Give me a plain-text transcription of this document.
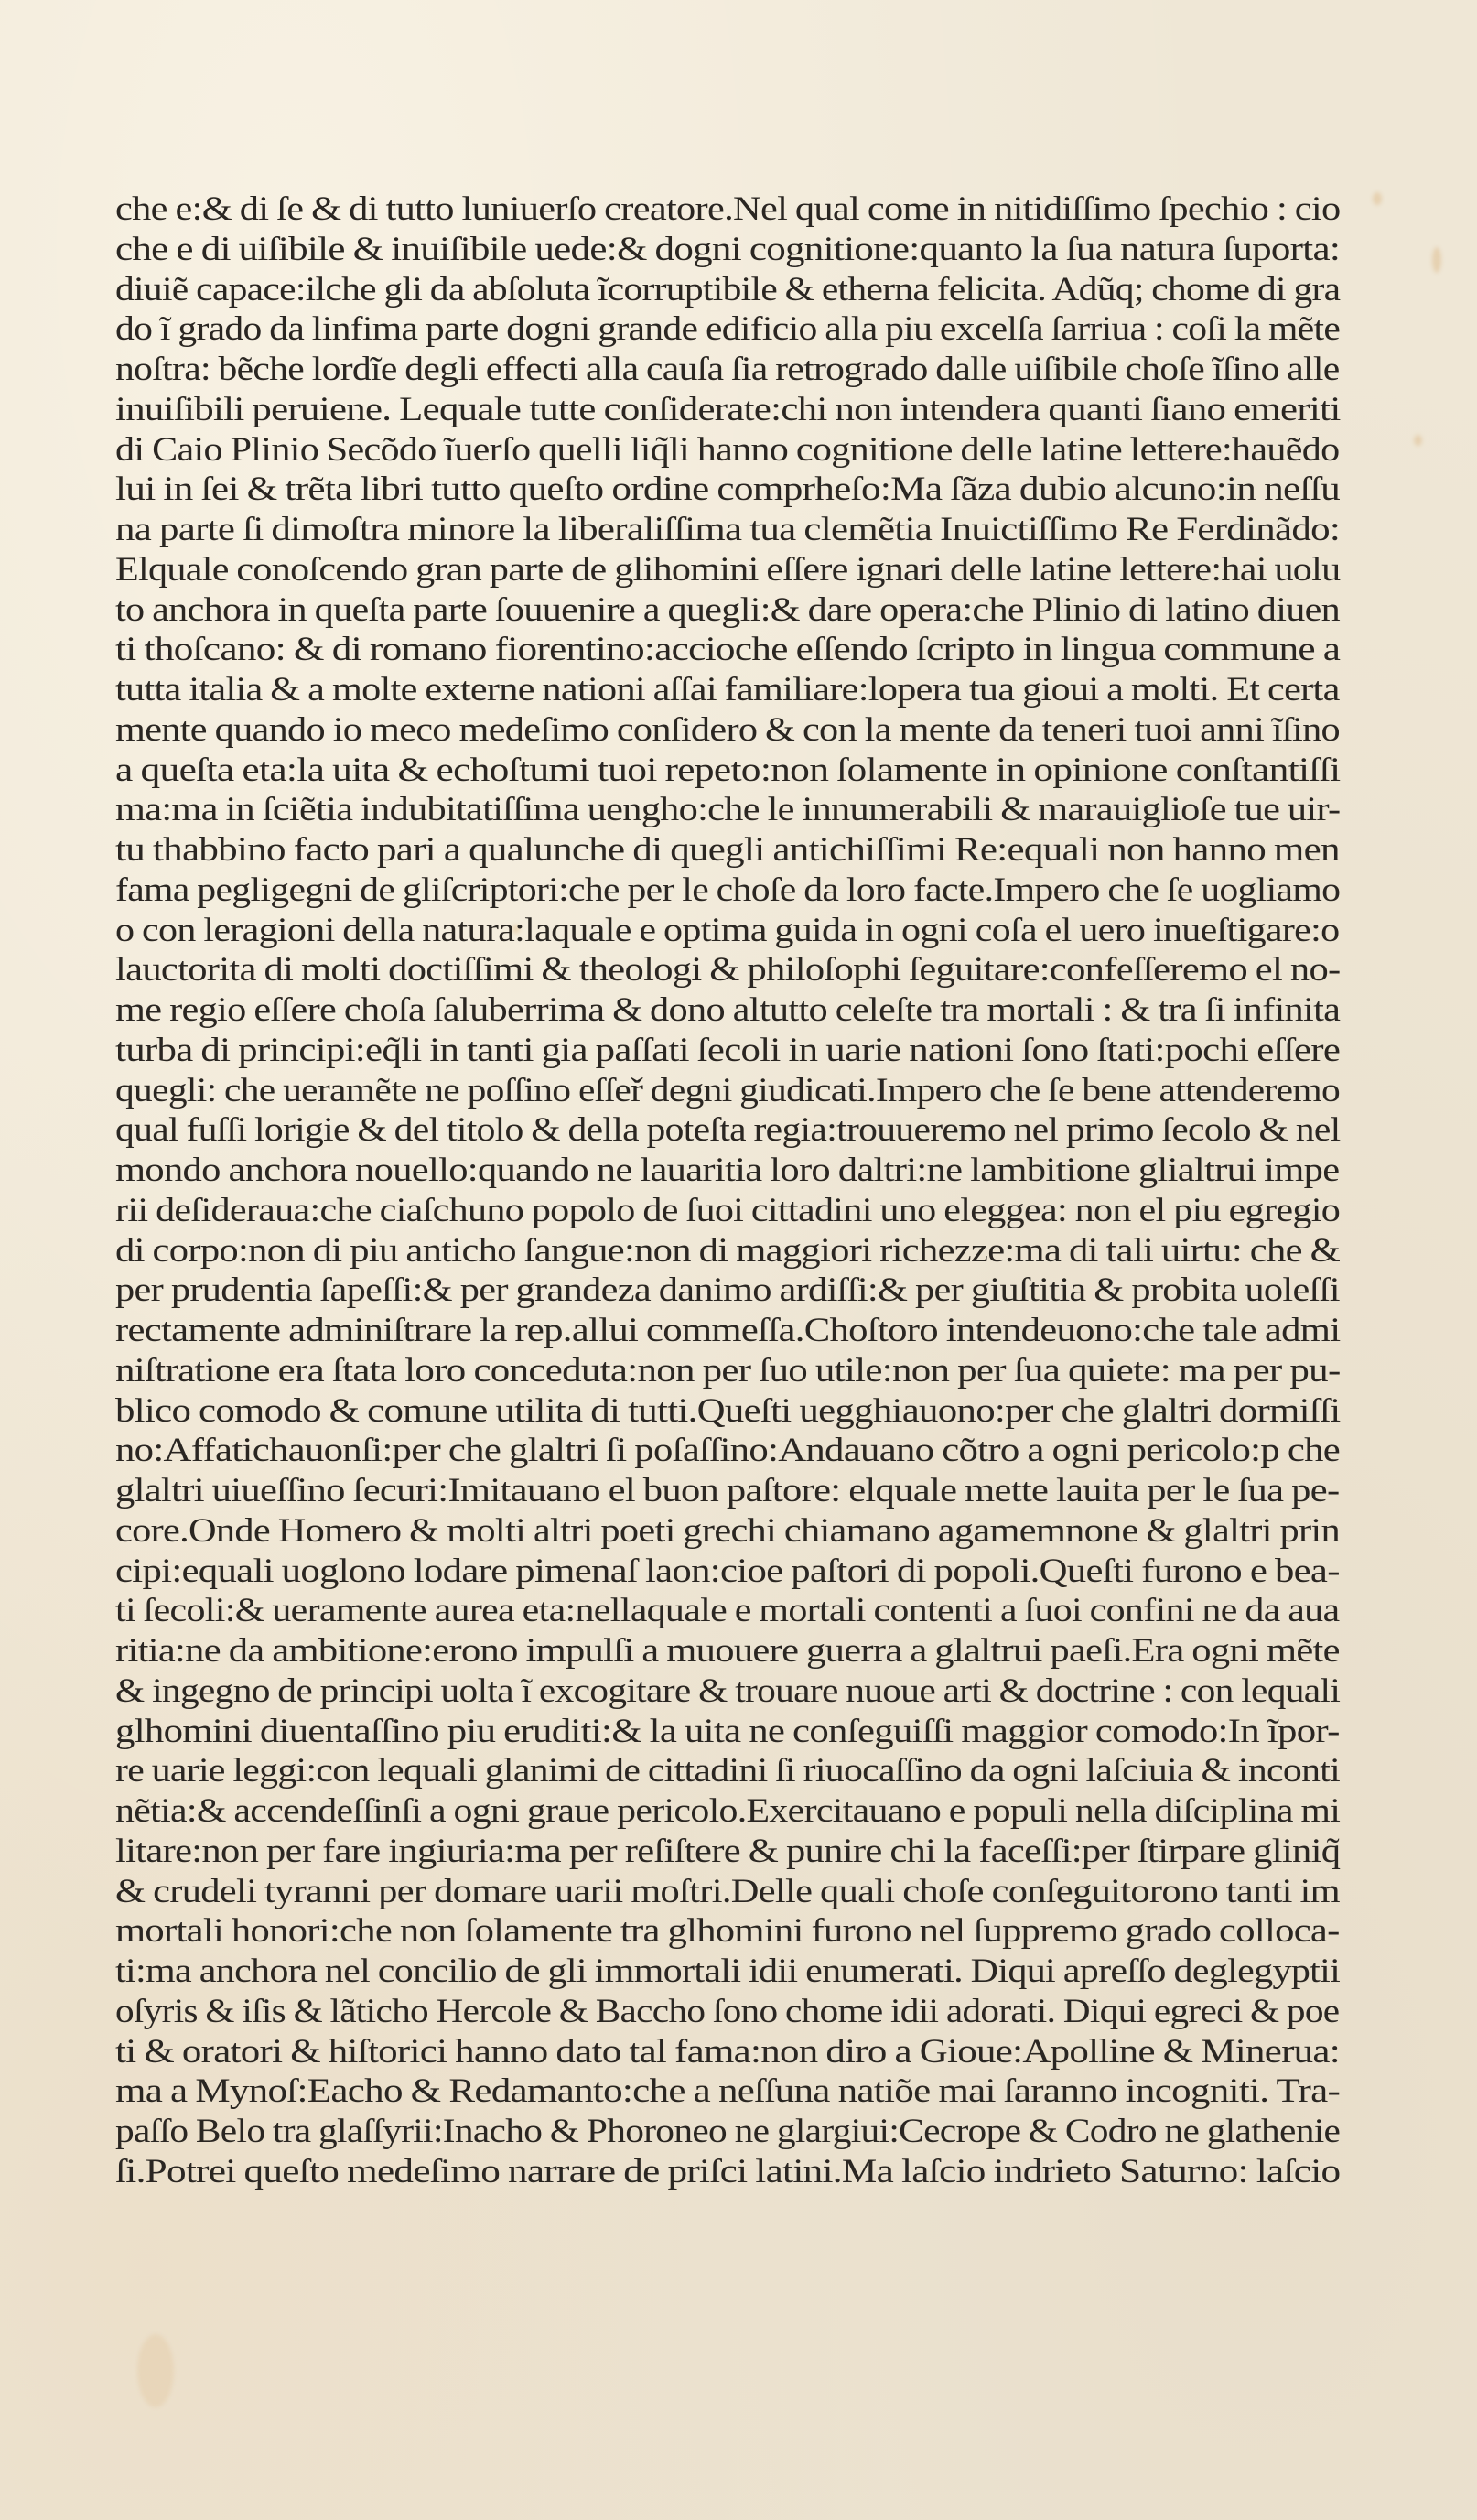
che e:& di ſe & di tutto luniuerſo creatore.Nel qual come in nitidiſſimo ſpechio : cio
che e di uiſibile & inuiſibile uede:& dogni cognitione:quanto la ſua natura ſuporta:
diuiẽ capace:ilche gli da abſoluta ĩcorruptibile & etherna felicita. Adũq; chome di gra
do ĩ grado da linfima parte dogni grande edificio alla piu excelſa ſarriua : coſi la mẽte
noſtra: bẽche lordĩe degli effecti alla cauſa ſia retrogrado dalle uiſibile choſe ĩſino alle
inuiſibili peruiene. Lequale tutte conſiderate:chi non intendera quanti ſiano emeriti
di Caio Plinio Secõdo ĩuerſo quelli liq̃li hanno cognitione delle latine lettere:hauẽdo
lui in ſei & trẽta libri tutto queſto ordine comprheſo:Ma ſãza dubio alcuno:in neſſu
na parte ſi dimoſtra minore la liberaliſſima tua clemẽtia Inuictiſſimo Re Ferdinãdo:
Elquale conoſcendo gran parte de glihomini eſſere ignari delle latine lettere:hai uolu
to anchora in queſta parte ſouuenire a quegli:& dare opera:che Plinio di latino diuen
ti thoſcano: & di romano fiorentino:accioche eſſendo ſcripto in lingua commune a
tutta italia & a molte externe nationi aſſai familiare:lopera tua gioui a molti. Et certa
mente quando io meco medeſimo conſidero & con la mente da teneri tuoi anni ĩſino
a queſta eta:la uita & echoſtumi tuoi repeto:non ſolamente in opinione conſtantiſſi
ma:ma in ſciẽtia indubitatiſſima uengho:che le innumerabili & marauiglioſe tue uir-
tu thabbino facto pari a qualunche di quegli antichiſſimi Re:equali non hanno men
fama pegligegni de gliſcriptori:che per le choſe da loro facte.Impero che ſe uogliamo
o con leragioni della natura:laquale e optima guida in ogni coſa el uero inueſtigare:o
lauctorita di molti doctiſſimi & theologi & philoſophi ſeguitare:confeſſeremo el no-
me regio eſſere choſa ſaluberrima & dono altutto celeſte tra mortali : & tra ſi infinita
turba di principi:eq̃li in tanti gia paſſati ſecoli in uarie nationi ſono ſtati:pochi eſſere
quegli: che ueramẽte ne poſſino eſſeř degni giudicati.Impero che ſe bene attenderemo
qual fuſſi lorigie & del titolo & della poteſta regia:trouueremo nel primo ſecolo & nel
mondo anchora nouello:quando ne lauaritia loro daltri:ne lambitione glialtrui impe
rii deſideraua:che ciaſchuno popolo de ſuoi cittadini uno eleggea: non el piu egregio
di corpo:non di piu anticho ſangue:non di maggiori richezze:ma di tali uirtu: che &
per prudentia ſapeſſi:& per grandeza danimo ardiſſi:& per giuſtitia & probita uoleſſi
rectamente adminiſtrare la rep.allui commeſſa.Choſtoro intendeuono:che tale admi
niſtratione era ſtata loro conceduta:non per ſuo utile:non per ſua quiete: ma per pu-
blico comodo & comune utilita di tutti.Queſti uegghiauono:per che glaltri dormiſſi
no:Affatichauonſi:per che glaltri ſi poſaſſino:Andauano cõtro a ogni pericolo:p che
glaltri uiueſſino ſecuri:Imitauano el buon paſtore: elquale mette lauita per le ſua pe-
core.Onde Homero & molti altri poeti grechi chiamano agamemnone & glaltri prin
cipi:equali uoglono lodare pimenaſ laon:cioe paſtori di popoli.Queſti furono e bea-
ti ſecoli:& ueramente aurea eta:nellaquale e mortali contenti a ſuoi confini ne da aua
ritia:ne da ambitione:erono impulſi a muouere guerra a glaltrui paeſi.Era ogni mẽte
& ingegno de principi uolta ĩ excogitare & trouare nuoue arti & doctrine : con lequali
glhomini diuentaſſino piu eruditi:& la uita ne conſeguiſſi maggior comodo:In ĩpor-
re uarie leggi:con lequali glanimi de cittadini ſi riuocaſſino da ogni laſciuia & inconti
nẽtia:& accendeſſinſi a ogni graue pericolo.Exercitauano e populi nella diſciplina mi
litare:non per fare ingiuria:ma per reſiſtere & punire chi la faceſſi:per ſtirpare gliniq̃
& crudeli tyranni per domare uarii moſtri.Delle quali choſe conſeguitorono tanti im
mortali honori:che non ſolamente tra glhomini furono nel ſuppremo grado colloca-
ti:ma anchora nel concilio de gli immortali idii enumerati. Diqui apreſſo deglegyptii
oſyris & iſis & lãticho Hercole & Baccho ſono chome idii adorati. Diqui egreci & poe
ti & oratori & hiſtorici hanno dato tal fama:non diro a Gioue:Apolline & Minerua:
ma a Mynoſ:Eacho & Redamanto:che a neſſuna natiõe mai ſaranno incogniti. Tra-
paſſo Belo tra glaſſyrii:Inacho & Phoroneo ne glargiui:Cecrope & Codro ne glathenie
ſi.Potrei queſto medeſimo narrare de priſci latini.Ma laſcio indrieto Saturno: laſcio
